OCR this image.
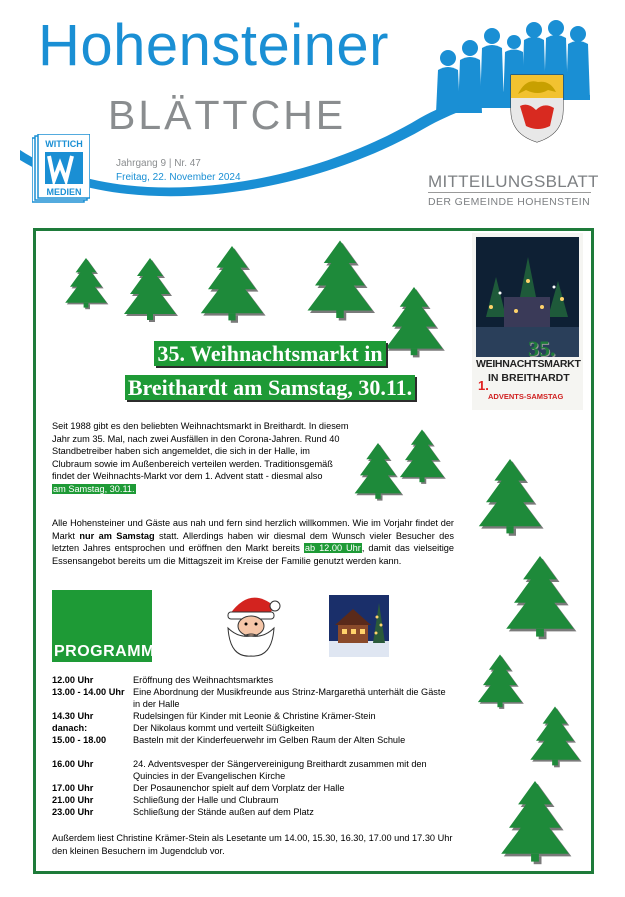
Hohensteiner
BLÄTTCHE
WITTICH
MEDIEN
Jahrgang 9 | Nr. 47
Freitag, 22. November 2024	MITTEILUNGSBLATT
DER GEMEINDE HOHENSTEIN
35. Weihnachtsmarkt in
Breithardt am Samstag, 30.11.
35.
WEIHNACHTSMARKT
IN BREITHARDT
1.
ADVENTS-SAMSTAG
Seit 1988 gibt es den beliebten Weihnachtsmarkt in Breithardt. In diesem Jahr zum 35. Mal, nach zwei Ausfällen in den Corona-Jahren. Rund 40 Standbetreiber haben sich angemeldet, die sich in der Halle, im Clubraum sowie im Außenbereich verteilen werden. Traditionsgemäß findet der Weihnachts-Markt vor dem 1. Advent statt - diesmal also
am Samstag, 30.11.
Alle Hohensteiner und Gäste aus nah und fern sind herzlich willkommen. Wie im Vorjahr findet der Markt nur am Samstag statt. Allerdings haben wir diesmal dem Wunsch vieler Besucher des letzten Jahres entsprochen und eröffnen den Markt bereits ab 12.00 Uhr, damit das vielseitige Essensangebot bereits um die Mittagszeit im Kreise der Familie genutzt werden kann.
PROGRAMM:
12.00 Uhr	Eröffnung des Weihnachtsmarktes
13.00 - 14.00 Uhr Eine Abordnung der Musikfreunde aus Strinz-Margarethä unterhält die Gäste in der Halle
14.30 Uhr	Rudelsingen für Kinder mit Leonie & Christine Krämer-Stein
danach:	Der Nikolaus kommt und verteilt Süßigkeiten
15.00 - 18.00	Basteln mit der Kinderfeuerwehr im Gelben Raum der Alten Schule
16.00 Uhr	24. Adventsvesper der Sängervereinigung Breithardt zusammen mit den Quincies in der Evangelischen Kirche
17.00 Uhr	Der Posaunenchor spielt auf dem Vorplatz der Halle
21.00 Uhr	Schließung der Halle und Clubraum
23.00 Uhr	Schließung der Stände außen auf dem Platz
Außerdem liest Christine Krämer-Stein als Lesetante um 14.00, 15.30, 16.30, 17.00 und 17.30 Uhr den kleinen Besuchern im Jugendclub vor.
